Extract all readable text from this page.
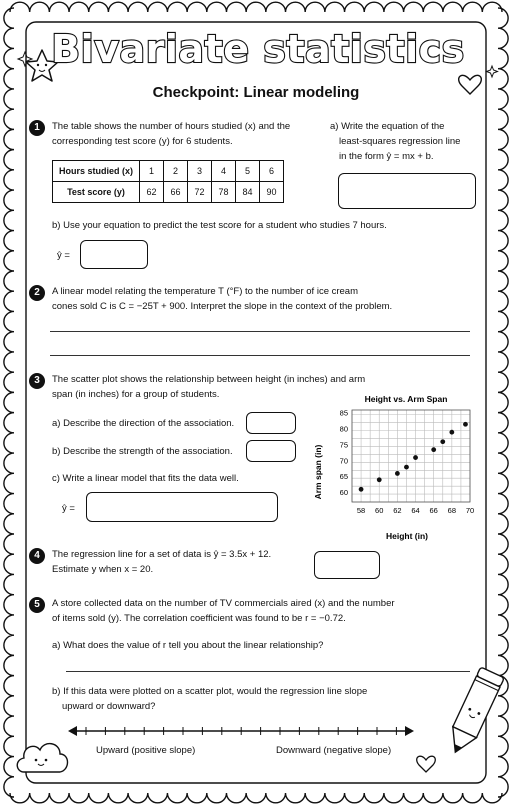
Bivariate statistics
Checkpoint: Linear modeling
1	The table shows the number of hours studied (x) and the
corresponding test score (y) for 6 students.
Hours studied (x)	1	2	3	4	5	6
Test score (y)	62	66	72	78	84	90
a) Write the equation of the
least-squares regression line
in the form ŷ = mx + b.
b) Use your equation to predict the test score for a student who studies 7 hours.
ŷ =
2	A linear model relating the temperature T (°F) to the number of ice cream
cones sold C is C = −25T + 900. Interpret the slope in the context of the problem.
3	The scatter plot shows the relationship between height (in inches) and arm
span (in inches) for a group of students.
a) Describe the direction of the association.
b) Describe the strength of the association.
c) Write a linear model that fits the data well.
ŷ =
Height vs. Arm Span
58 60 62 64 66 68 70
60
65
70
75
80
85
Height (in)
Arm span (in)
4	The regression line for a set of data is ŷ = 3.5x + 12.
Estimate y when x = 20.
5	A store collected data on the number of TV commercials aired (x) and the number
of items sold (y). The correlation coefficient was found to be r = −0.72.
a) What does the value of r tell you about the linear relationship?
b) If this data were plotted on a scatter plot, would the regression line slope
upward or downward?
Upward (positive slope)	Downward (negative slope)
